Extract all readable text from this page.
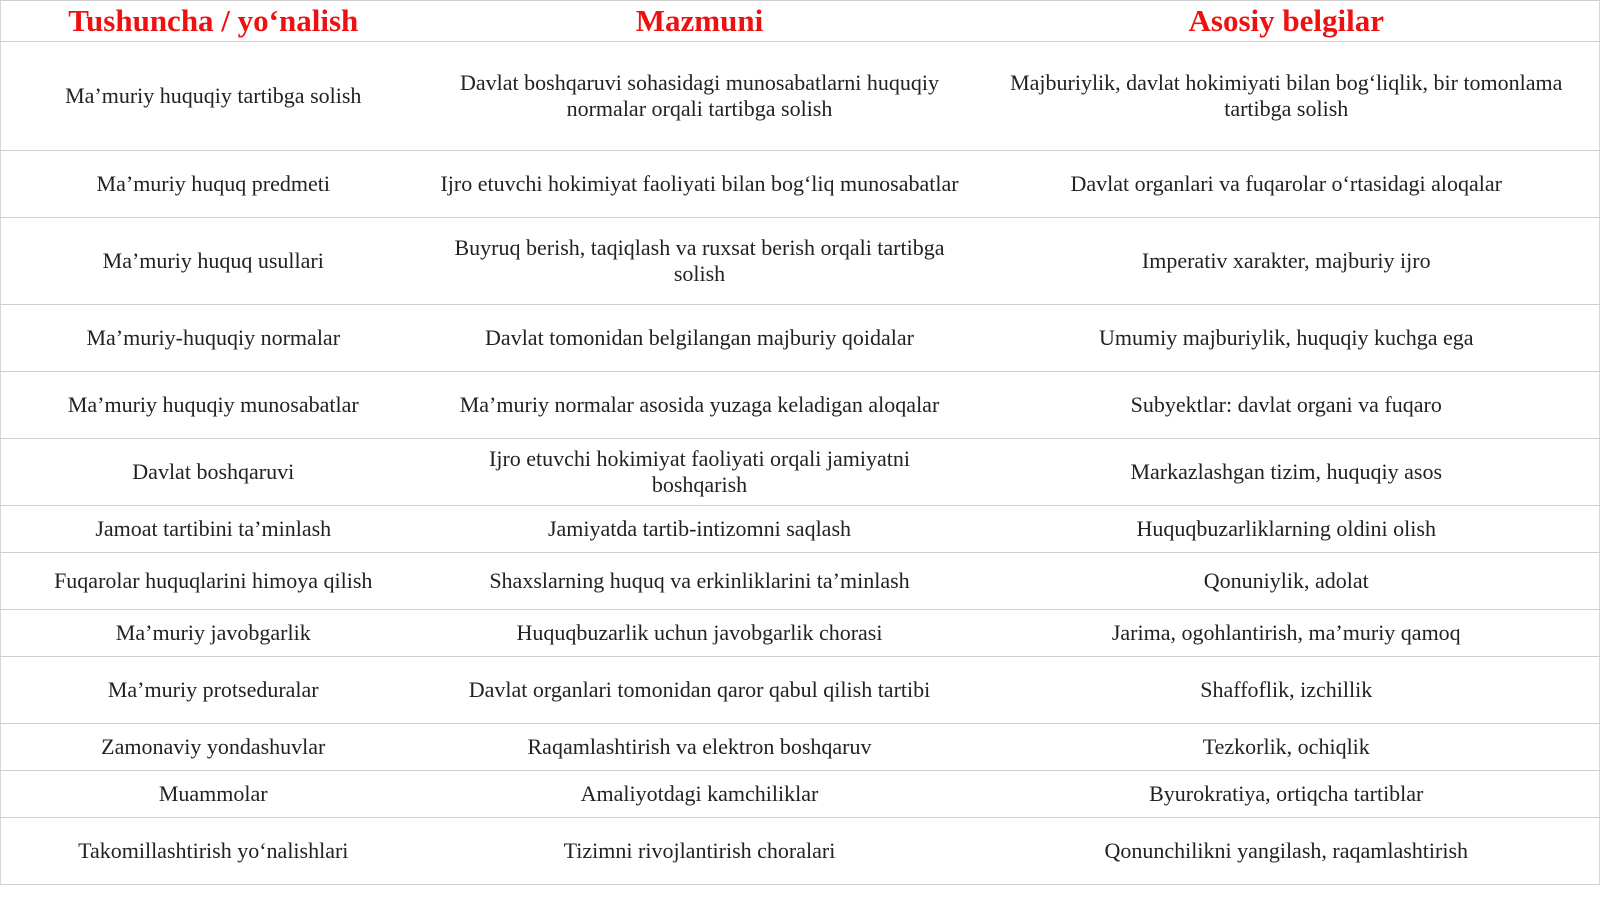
Tushuncha / yo‘nalish	Mazmuni	Asosiy belgilar
Ma’muriy huquqiy tartibga solish	Davlat boshqaruvi sohasidagi munosabatlarni huquqiy normalar orqali tartibga solish	Majburiylik, davlat hokimiyati bilan bog‘liqlik, bir tomonlama tartibga solish
Ma’muriy huquq predmeti	Ijro etuvchi hokimiyat faoliyati bilan bog‘liq munosabatlar	Davlat organlari va fuqarolar o‘rtasidagi aloqalar
Ma’muriy huquq usullari	Buyruq berish, taqiqlash va ruxsat berish orqali tartibga solish	Imperativ xarakter, majburiy ijro
Ma’muriy-huquqiy normalar	Davlat tomonidan belgilangan majburiy qoidalar	Umumiy majburiylik, huquqiy kuchga ega
Ma’muriy huquqiy munosabatlar	Ma’muriy normalar asosida yuzaga keladigan aloqalar	Subyektlar: davlat organi va fuqaro
Davlat boshqaruvi	Ijro etuvchi hokimiyat faoliyati orqali jamiyatni boshqarish	Markazlashgan tizim, huquqiy asos
Jamoat tartibini ta’minlash	Jamiyatda tartib-intizomni saqlash	Huquqbuzarliklarning oldini olish
Fuqarolar huquqlarini himoya qilish	Shaxslarning huquq va erkinliklarini ta’minlash	Qonuniylik, adolat
Ma’muriy javobgarlik	Huquqbuzarlik uchun javobgarlik chorasi	Jarima, ogohlantirish, ma’muriy qamoq
Ma’muriy protseduralar	Davlat organlari tomonidan qaror qabul qilish tartibi	Shaffoflik, izchillik
Zamonaviy yondashuvlar	Raqamlashtirish va elektron boshqaruv	Tezkorlik, ochiqlik
Muammolar	Amaliyotdagi kamchiliklar	Byurokratiya, ortiqcha tartiblar
Takomillashtirish yo‘nalishlari	Tizimni rivojlantirish choralari	Qonunchilikni yangilash, raqamlashtirish
